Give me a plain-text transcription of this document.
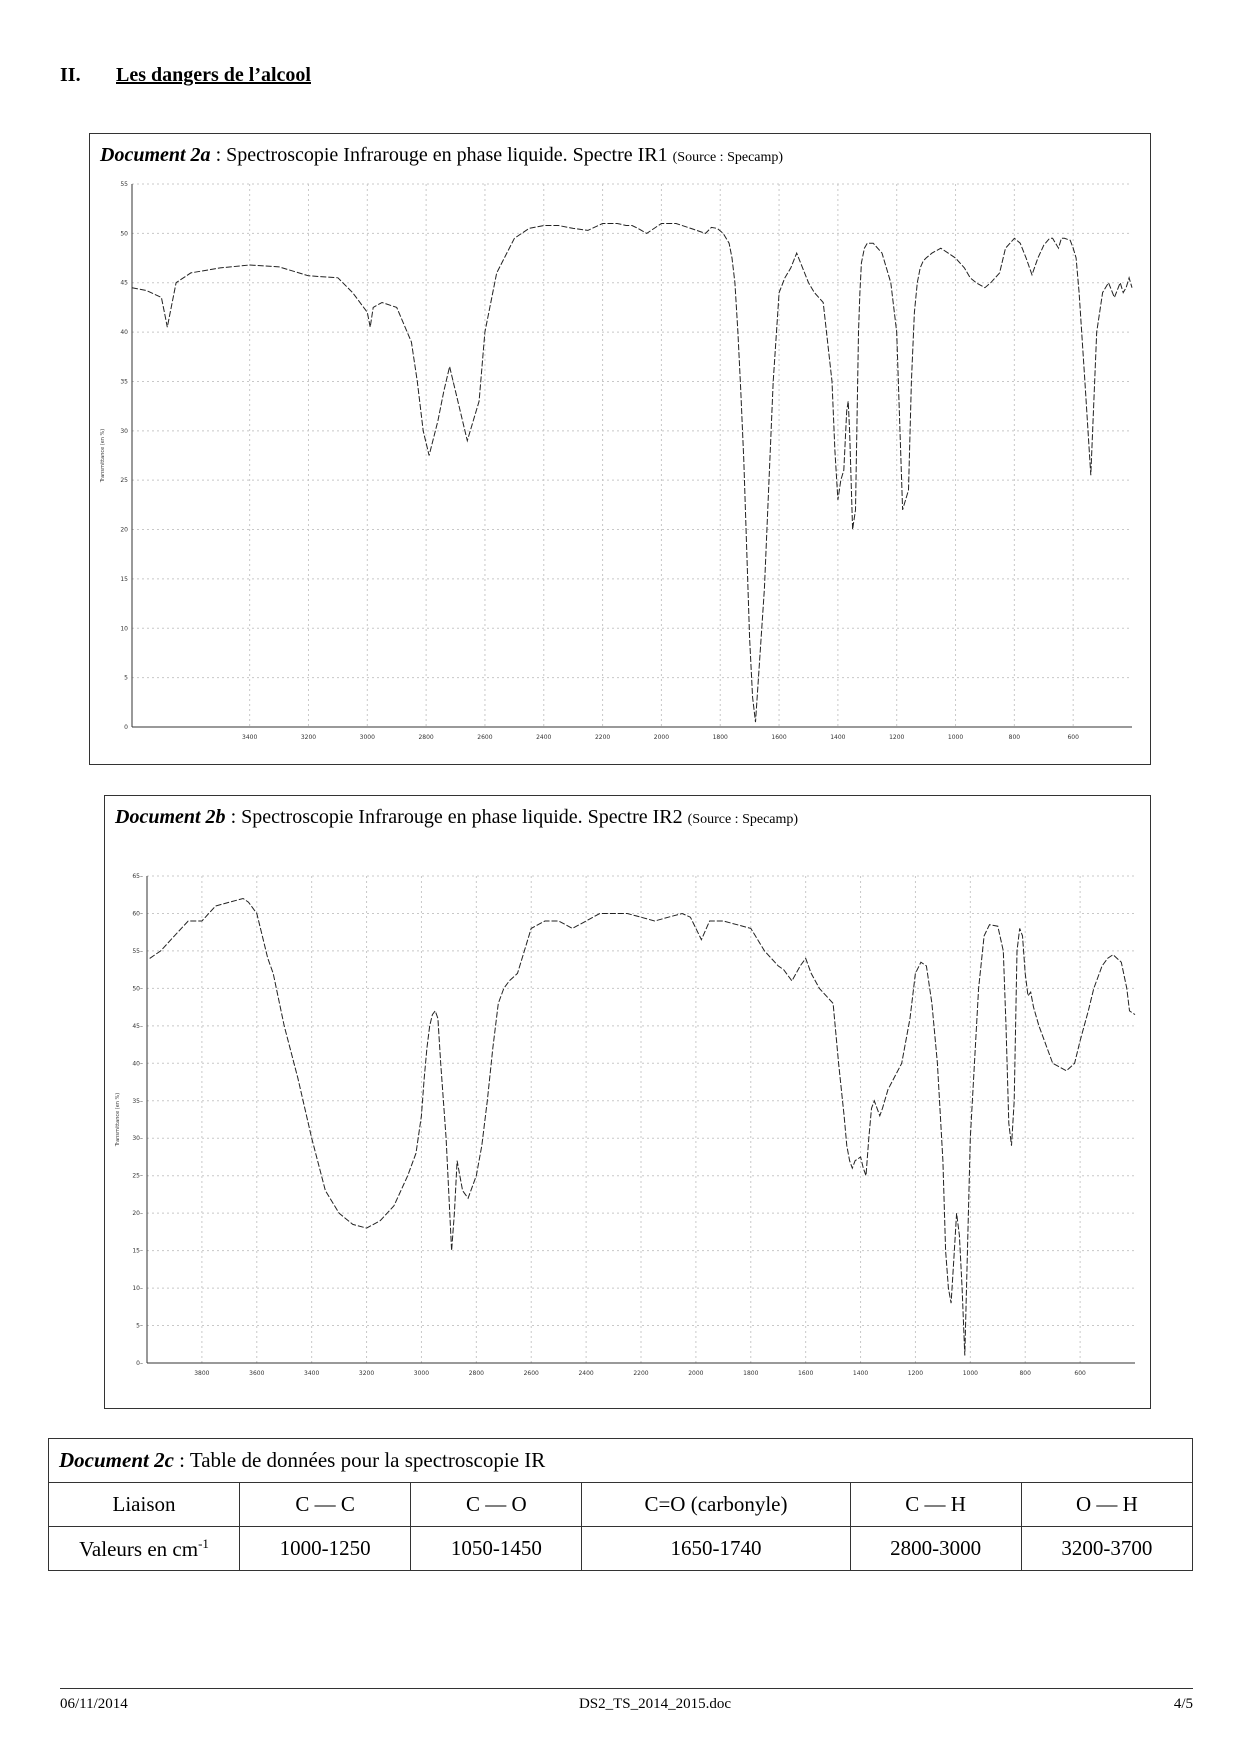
II. Les dangers de l’alcool
Document 2a : Spectroscopie Infrarouge en phase liquide. Spectre IR1 (Source : Specamp)
3400	3200	3000	2800	2600	2400	2200	2000	1800	1600	1400	1200	1000	800	600
0
5
10
15
20
25
30
35
40
45
50
55
Transmittance (en %)
Document 2b : Spectroscopie Infrarouge en phase liquide. Spectre IR2 (Source : Specamp)
3800	3600	3400	3200	3000	2800	2600	2400	2200	2000	1800	1600	1400	1200	1000	800	600
0–
5–
10–
15–
20–
25–
30–
35–
40–
45–
50–
55–
60–
65–
Transmittance (en %)
Document 2c : Table de données pour la spectroscopie IR					
Liaison	C — C	C — O	C=O (carbonyle)	C — H	O — H
Valeurs en $cm^{-1}$	1000-1250	1050-1450	1650-1740	2800-3000	3200-3700
06/11/2014	DS2_TS_2014_2015.doc	4/5
